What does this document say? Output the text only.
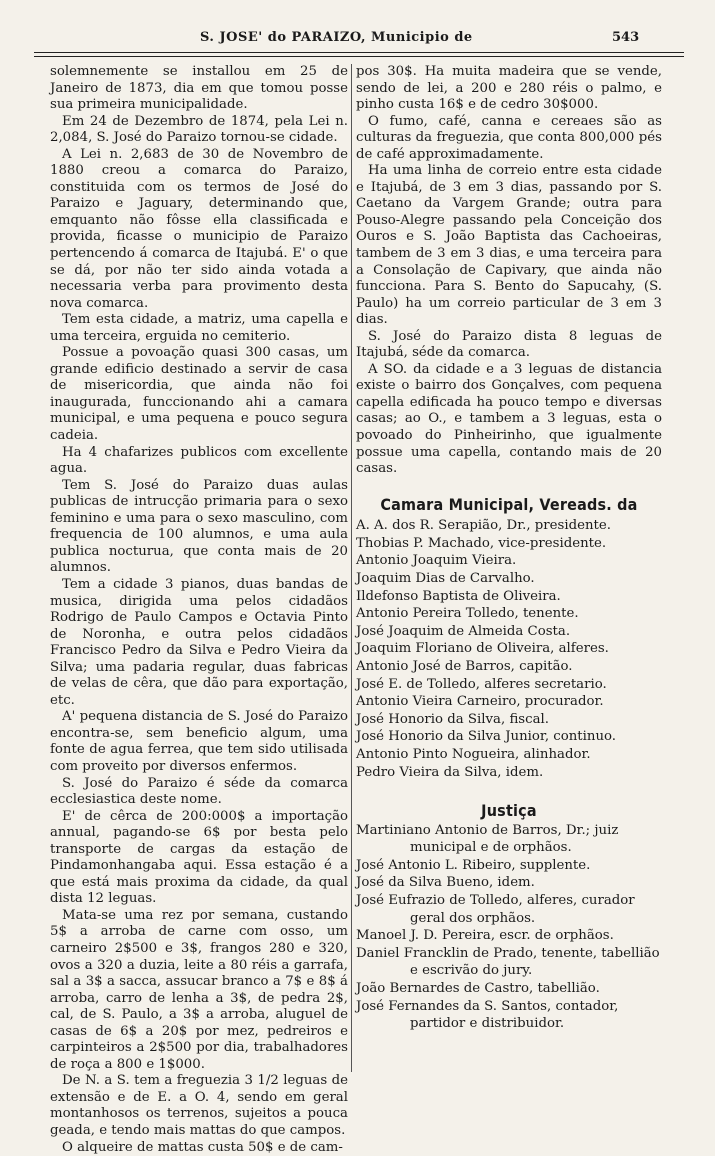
S. JOSE' do PARAIZO, Municipio de	543

solemnemente se installou em 25 de Janeiro de 1873, dia em que tomou posse sua primeira municipalidade.

Em 24 de Dezembro de 1874, pela Lei n. 2,084, S. José do Paraizo tornou-se cidade.

A Lei n. 2,683 de 30 de Novembro de 1880 creou a comarca do Paraizo, constituida com os termos de José do Paraizo e Jaguary, determinando que, emquanto não fôsse ella classificada e provida, ficasse o municipio de Paraizo pertencendo á comarca de Itajubá. E' o que se dá, por não ter sido ainda votada a necessaria verba para provimento desta nova comarca.

Tem esta cidade, a matriz, uma capella e uma terceira, erguida no cemiterio.

Possue a povoação quasi 300 casas, um grande edificio destinado a servir de casa de misericordia, que ainda não foi inaugurada, funccionando ahi a camara municipal, e uma pequena e pouco segura cadeia.

Ha 4 chafarizes publicos com excellente agua.

Tem S. José do Paraizo duas aulas publicas de intrucção primaria para o sexo feminino e uma para o sexo masculino, com frequencia de 100 alumnos, e uma aula publica nocturua, que conta mais de 20 alumnos.

Tem a cidade 3 pianos, duas bandas de musica, dirigida uma pelos cidadãos Rodrigo de Paulo Campos e Octavia Pinto de Noronha, e outra pelos cidadãos Francisco Pedro da Silva e Pedro Vieira da Silva; uma padaria regular, duas fabricas de velas de cêra, que dão para exportação, etc.

A' pequena distancia de S. José do Paraizo encontra-se, sem beneficio algum, uma fonte de agua ferrea, que tem sido utilisada com proveito por diversos enfermos.

S. José do Paraizo é séde da comarca ecclesiastica deste nome.

E' de cêrca de 200:000$ a importação annual, pagando-se 6$ por besta pelo transporte de cargas da estação de Pindamonhangaba aqui. Essa estação é a que está mais proxima da cidade, da qual dista 12 leguas.

Mata-se uma rez por semana, custando 5$ a arroba de carne com osso, um carneiro 2$500 e 3$, frangos 280 e 320, ovos a 320 a duzia, leite a 80 réis a garrafa, sal a 3$ a sacca, assucar branco a 7$ e 8$ á arroba, carro de lenha a 3$, de pedra 2$, cal, de S. Paulo, a 3$ a arroba, aluguel de casas de 6$ a 20$ por mez, pedreiros e carpinteiros a 2$500 por dia, trabalhadores de roça a 800 e 1$000.

De N. a S. tem a freguezia 3 1/2 leguas de extensão e de E. a O. 4, sendo em geral montanhosos os terrenos, sujeitos a pouca geada, e tendo mais mattas do que campos.

O alqueire de mattas custa 50$ e de cam-

pos 30$. Ha muita madeira que se vende, sendo de lei, a 200 e 280 réis o palmo, e pinho custa 16$ e de cedro 30$000.

O fumo, café, canna e cereaes são as culturas da freguezia, que conta 800,000 pés de café approximadamente.

Ha uma linha de correio entre esta cidade e Itajubá, de 3 em 3 dias, passando por S. Caetano da Vargem Grande; outra para Pouso-Alegre passando pela Conceição dos Ouros e S. João Baptista das Cachoeiras, tambem de 3 em 3 dias, e uma terceira para a Consolação de Capivary, que ainda não funcciona. Para S. Bento do Sapucahy, (S. Paulo) ha um correio particular de 3 em 3 dias.

S. José do Paraizo dista 8 leguas de Itajubá, séde da comarca.

A SO. da cidade e a 3 leguas de distancia existe o bairro dos Gonçalves, com pequena capella edificada ha pouco tempo e diversas casas; ao O., e tambem a 3 leguas, esta o povoado do Pinheirinho, que igualmente possue uma capella, contando mais de 20 casas.

Camara Municipal, Vereads. da

A. A. dos R. Serapião, Dr., presidente.

Thobias P. Machado, vice-presidente.

Antonio Joaquim Vieira.

Joaquim Dias de Carvalho.

Ildefonso Baptista de Oliveira.

Antonio Pereira Tolledo, tenente.

José Joaquim de Almeida Costa.

Joaquim Floriano de Oliveira, alferes.

Antonio José de Barros, capitão.

José E. de Tolledo, alferes secretario.

Antonio Vieira Carneiro, procurador.

José Honorio da Silva, fiscal.

José Honorio da Silva Junior, continuo.

Antonio Pinto Nogueira, alinhador.

Pedro Vieira da Silva, idem.

Justiça

Martiniano Antonio de Barros, Dr.; juiz municipal e de orphãos.

José Antonio L. Ribeiro, supplente.

José da Silva Bueno, idem.

José Eufrazio de Tolledo, alferes, curador geral dos orphãos.

Manoel J. D. Pereira, escr. de orphãos.

Daniel Francklin de Prado, tenente, tabellião e escrivão do jury.

João Bernardes de Castro, tabellião.

José Fernandes da S. Santos, contador, partidor e distribuidor.
